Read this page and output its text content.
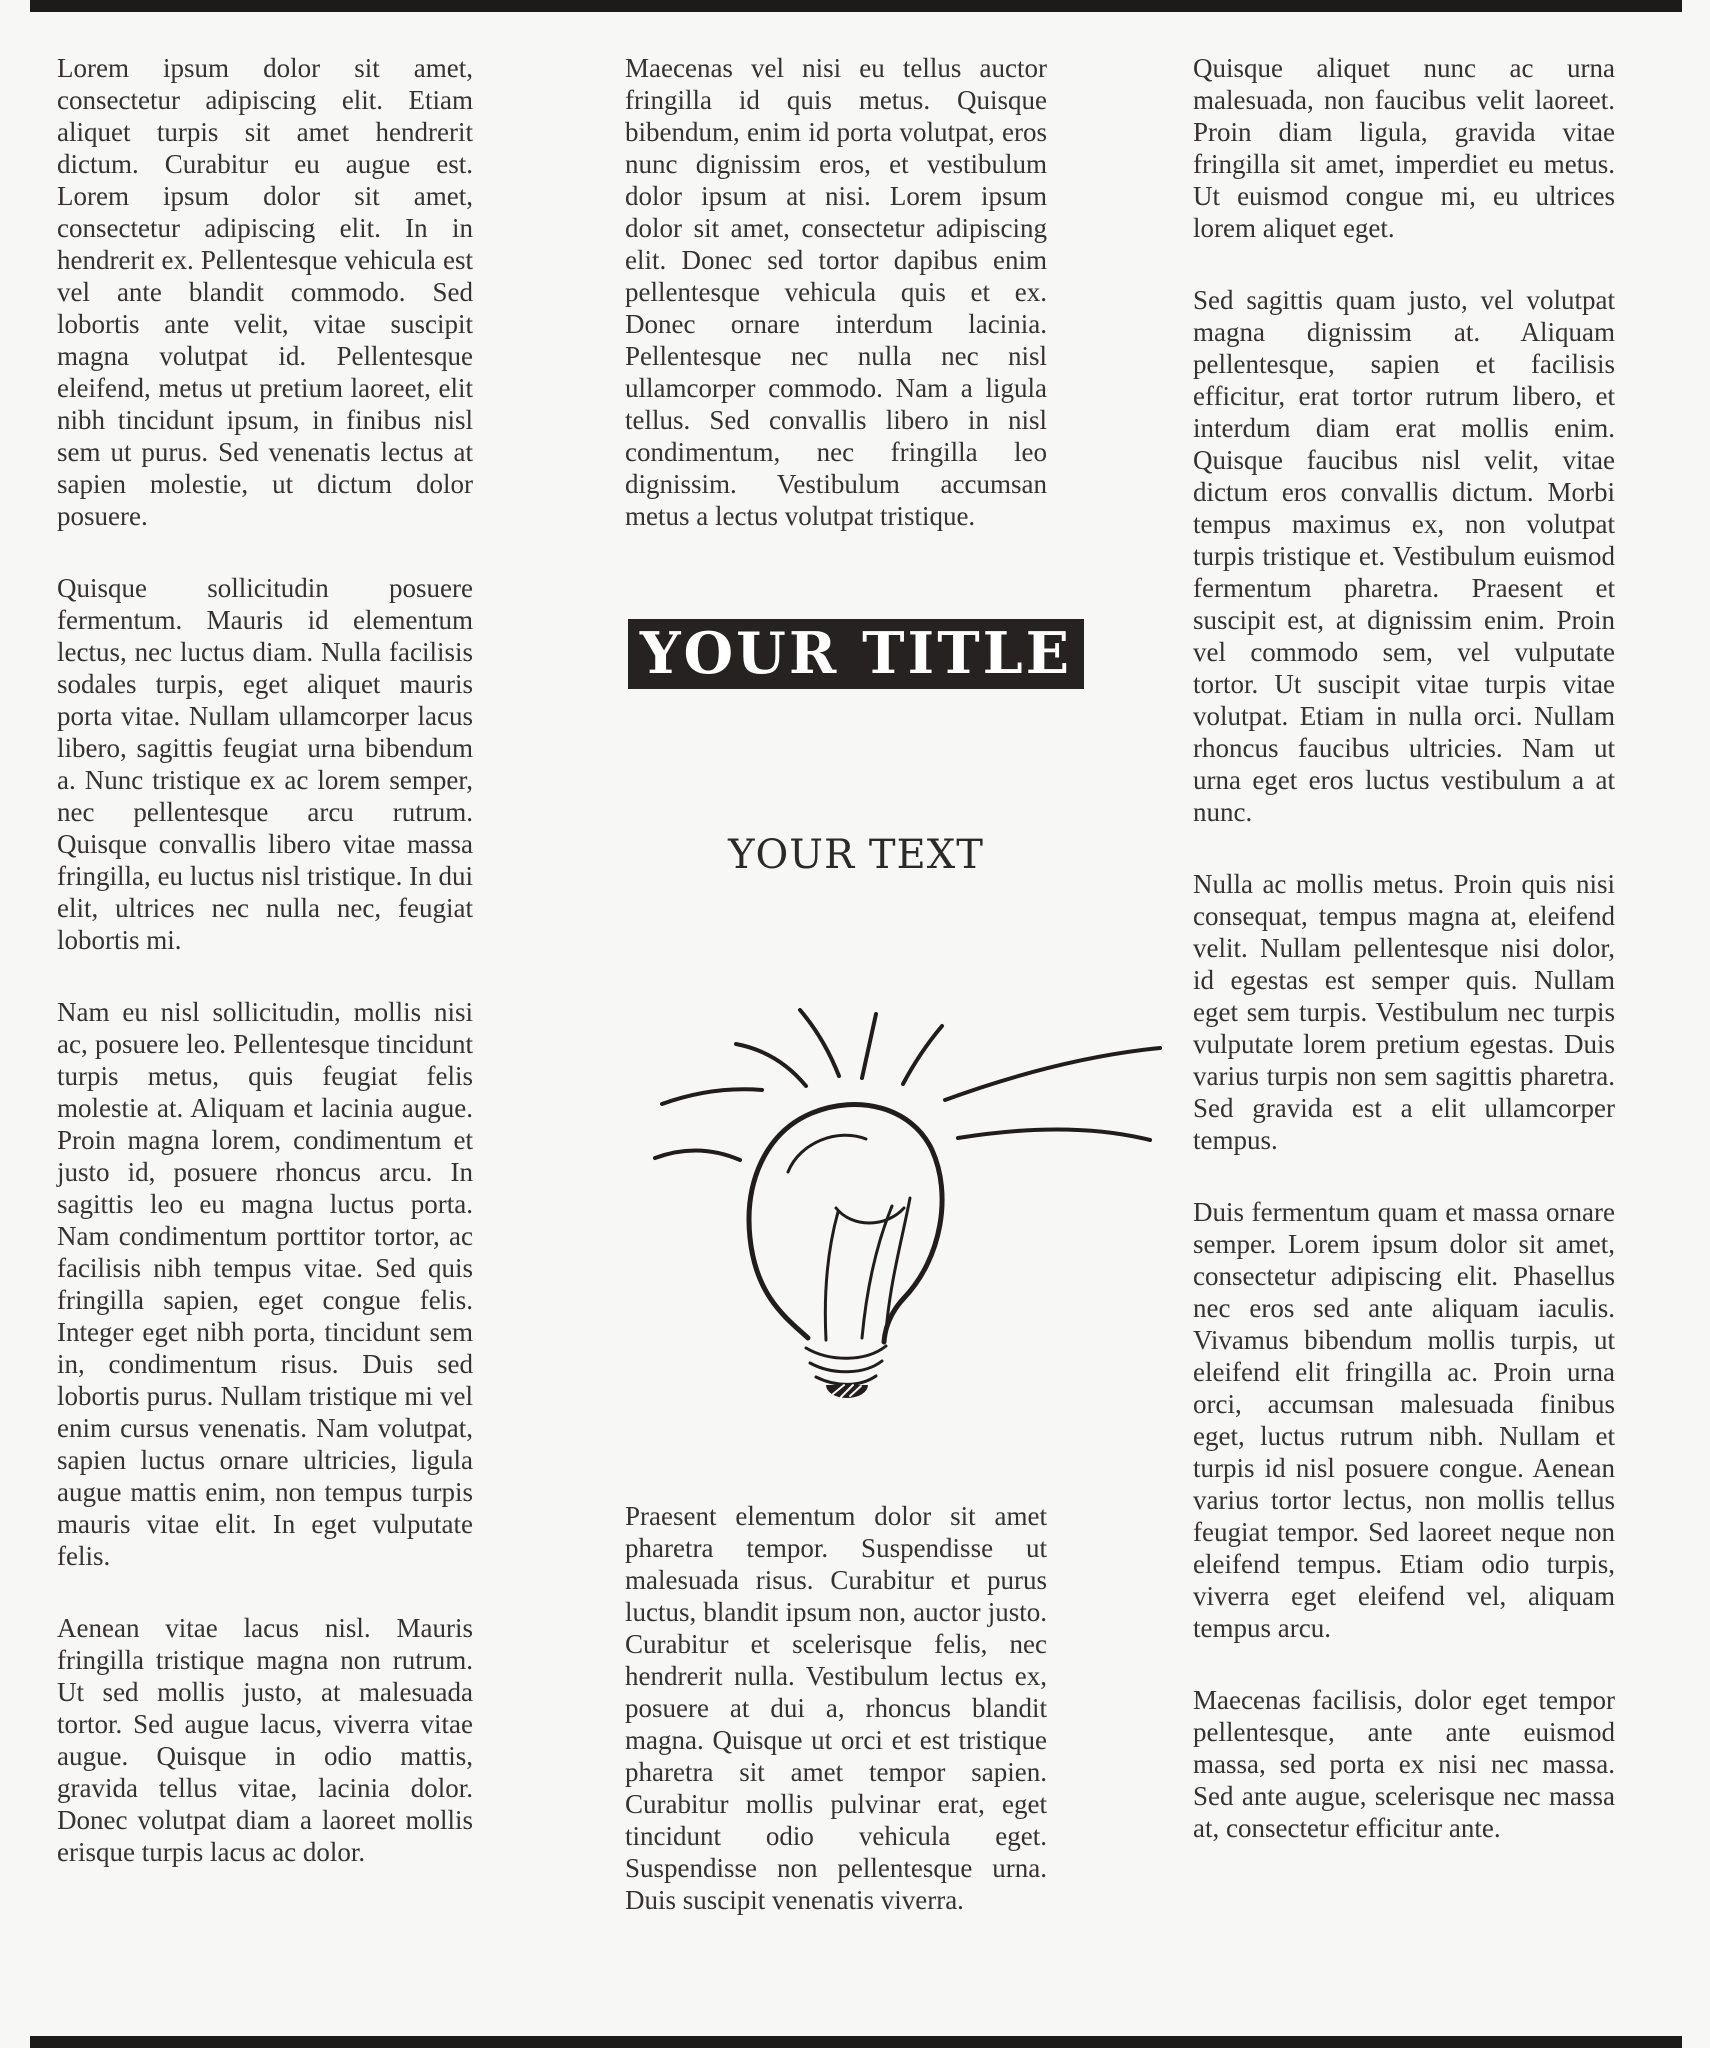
Lorem ipsum dolor sit amet, consectetur adipiscing elit. Etiam aliquet turpis sit amet hendrerit dictum. Curabitur eu augue est. Lorem ipsum dolor sit amet, consectetur adipiscing elit. In in hendrerit ex. Pellentesque vehicula est vel ante blandit commodo. Sed lobortis ante velit, vitae suscipit magna volutpat id. Pellentesque eleifend, metus ut pretium laoreet, elit nibh tincidunt ipsum, in finibus nisl sem ut purus. Sed venenatis lectus at sapien molestie, ut dictum dolor posuere.

Quisque sollicitudin posuere fermentum. Mauris id elementum lectus, nec luctus diam. Nulla facilisis sodales turpis, eget aliquet mauris porta vitae. Nullam ullamcorper lacus libero, sagittis feugiat urna bibendum a. Nunc tristique ex ac lorem semper, nec pellentesque arcu rutrum. Quisque convallis libero vitae massa fringilla, eu luctus nisl tristique. In dui elit, ultrices nec nulla nec, feugiat lobortis mi.

Nam eu nisl sollicitudin, mollis nisi ac, posuere leo. Pellentesque tincidunt turpis metus, quis feugiat felis molestie at. Aliquam et lacinia augue. Proin magna lorem, condimentum et justo id, posuere rhoncus arcu. In sagittis leo eu magna luctus porta. Nam condimentum porttitor tortor, ac facilisis nibh tempus vitae. Sed quis fringilla sapien, eget congue felis. Integer eget nibh porta, tincidunt sem in, condimentum risus. Duis sed lobortis purus. Nullam tristique mi vel enim cursus venenatis. Nam volutpat, sapien luctus ornare ultricies, ligula augue mattis enim, non tempus turpis mauris vitae elit. In eget vulputate felis.

Aenean vitae lacus nisl. Mauris fringilla tristique magna non rutrum. Ut sed mollis justo, at malesuada tortor. Sed augue lacus, viverra vitae augue. Quisque in odio mattis, gravida tellus vitae, lacinia dolor. Donec volutpat diam a laoreet mollis erisque turpis lacus ac dolor.

Maecenas vel nisi eu tellus auctor fringilla id quis metus. Quisque bibendum, enim id porta volutpat, eros nunc dignissim eros, et vestibulum dolor ipsum at nisi. Lorem ipsum dolor sit amet, consectetur adipiscing elit. Donec sed tortor dapibus enim pellentesque vehicula quis et ex. Donec ornare interdum lacinia. Pellentesque nec nulla nec nisl ullamcorper commodo. Nam a ligula tellus. Sed convallis libero in nisl condimentum, nec fringilla leo dignissim. Vestibulum accumsan metus a lectus volutpat tristique.

YOUR TITLE
YOUR TEXT

Praesent elementum dolor sit amet pharetra tempor. Suspendisse ut malesuada risus. Curabitur et purus luctus, blandit ipsum non, auctor justo. Curabitur et scelerisque felis, nec hendrerit nulla. Vestibulum lectus ex, posuere at dui a, rhoncus blandit magna. Quisque ut orci et est tristique pharetra sit amet tempor sapien. Curabitur mollis pulvinar erat, eget tincidunt odio vehicula eget. Suspendisse non pellentesque urna. Duis suscipit venenatis viverra.

Quisque aliquet nunc ac urna malesuada, non faucibus velit laoreet. Proin diam ligula, gravida vitae fringilla sit amet, imperdiet eu metus. Ut euismod congue mi, eu ultrices lorem aliquet eget.

Sed sagittis quam justo, vel volutpat magna dignissim at. Aliquam pellentesque, sapien et facilisis efficitur, erat tortor rutrum libero, et interdum diam erat mollis enim. Quisque faucibus nisl velit, vitae dictum eros convallis dictum. Morbi tempus maximus ex, non volutpat turpis tristique et. Vestibulum euismod fermentum pharetra. Praesent et suscipit est, at dignissim enim. Proin vel commodo sem, vel vulputate tortor. Ut suscipit vitae turpis vitae volutpat. Etiam in nulla orci. Nullam rhoncus faucibus ultricies. Nam ut urna eget eros luctus vestibulum a at nunc.

Nulla ac mollis metus. Proin quis nisi consequat, tempus magna at, eleifend velit. Nullam pellentesque nisi dolor, id egestas est semper quis. Nullam eget sem turpis. Vestibulum nec turpis vulputate lorem pretium egestas. Duis varius turpis non sem sagittis pharetra. Sed gravida est a elit ullamcorper tempus.

Duis fermentum quam et massa ornare semper. Lorem ipsum dolor sit amet, consectetur adipiscing elit. Phasellus nec eros sed ante aliquam iaculis. Vivamus bibendum mollis turpis, ut eleifend elit fringilla ac. Proin urna orci, accumsan malesuada finibus eget, luctus rutrum nibh. Nullam et turpis id nisl posuere congue. Aenean varius tortor lectus, non mollis tellus feugiat tempor. Sed laoreet neque non eleifend tempus. Etiam odio turpis, viverra eget eleifend vel, aliquam tempus arcu.

Maecenas facilisis, dolor eget tempor pellentesque, ante ante euismod massa, sed porta ex nisi nec massa. Sed ante augue, scelerisque nec massa at, consectetur efficitur ante.
